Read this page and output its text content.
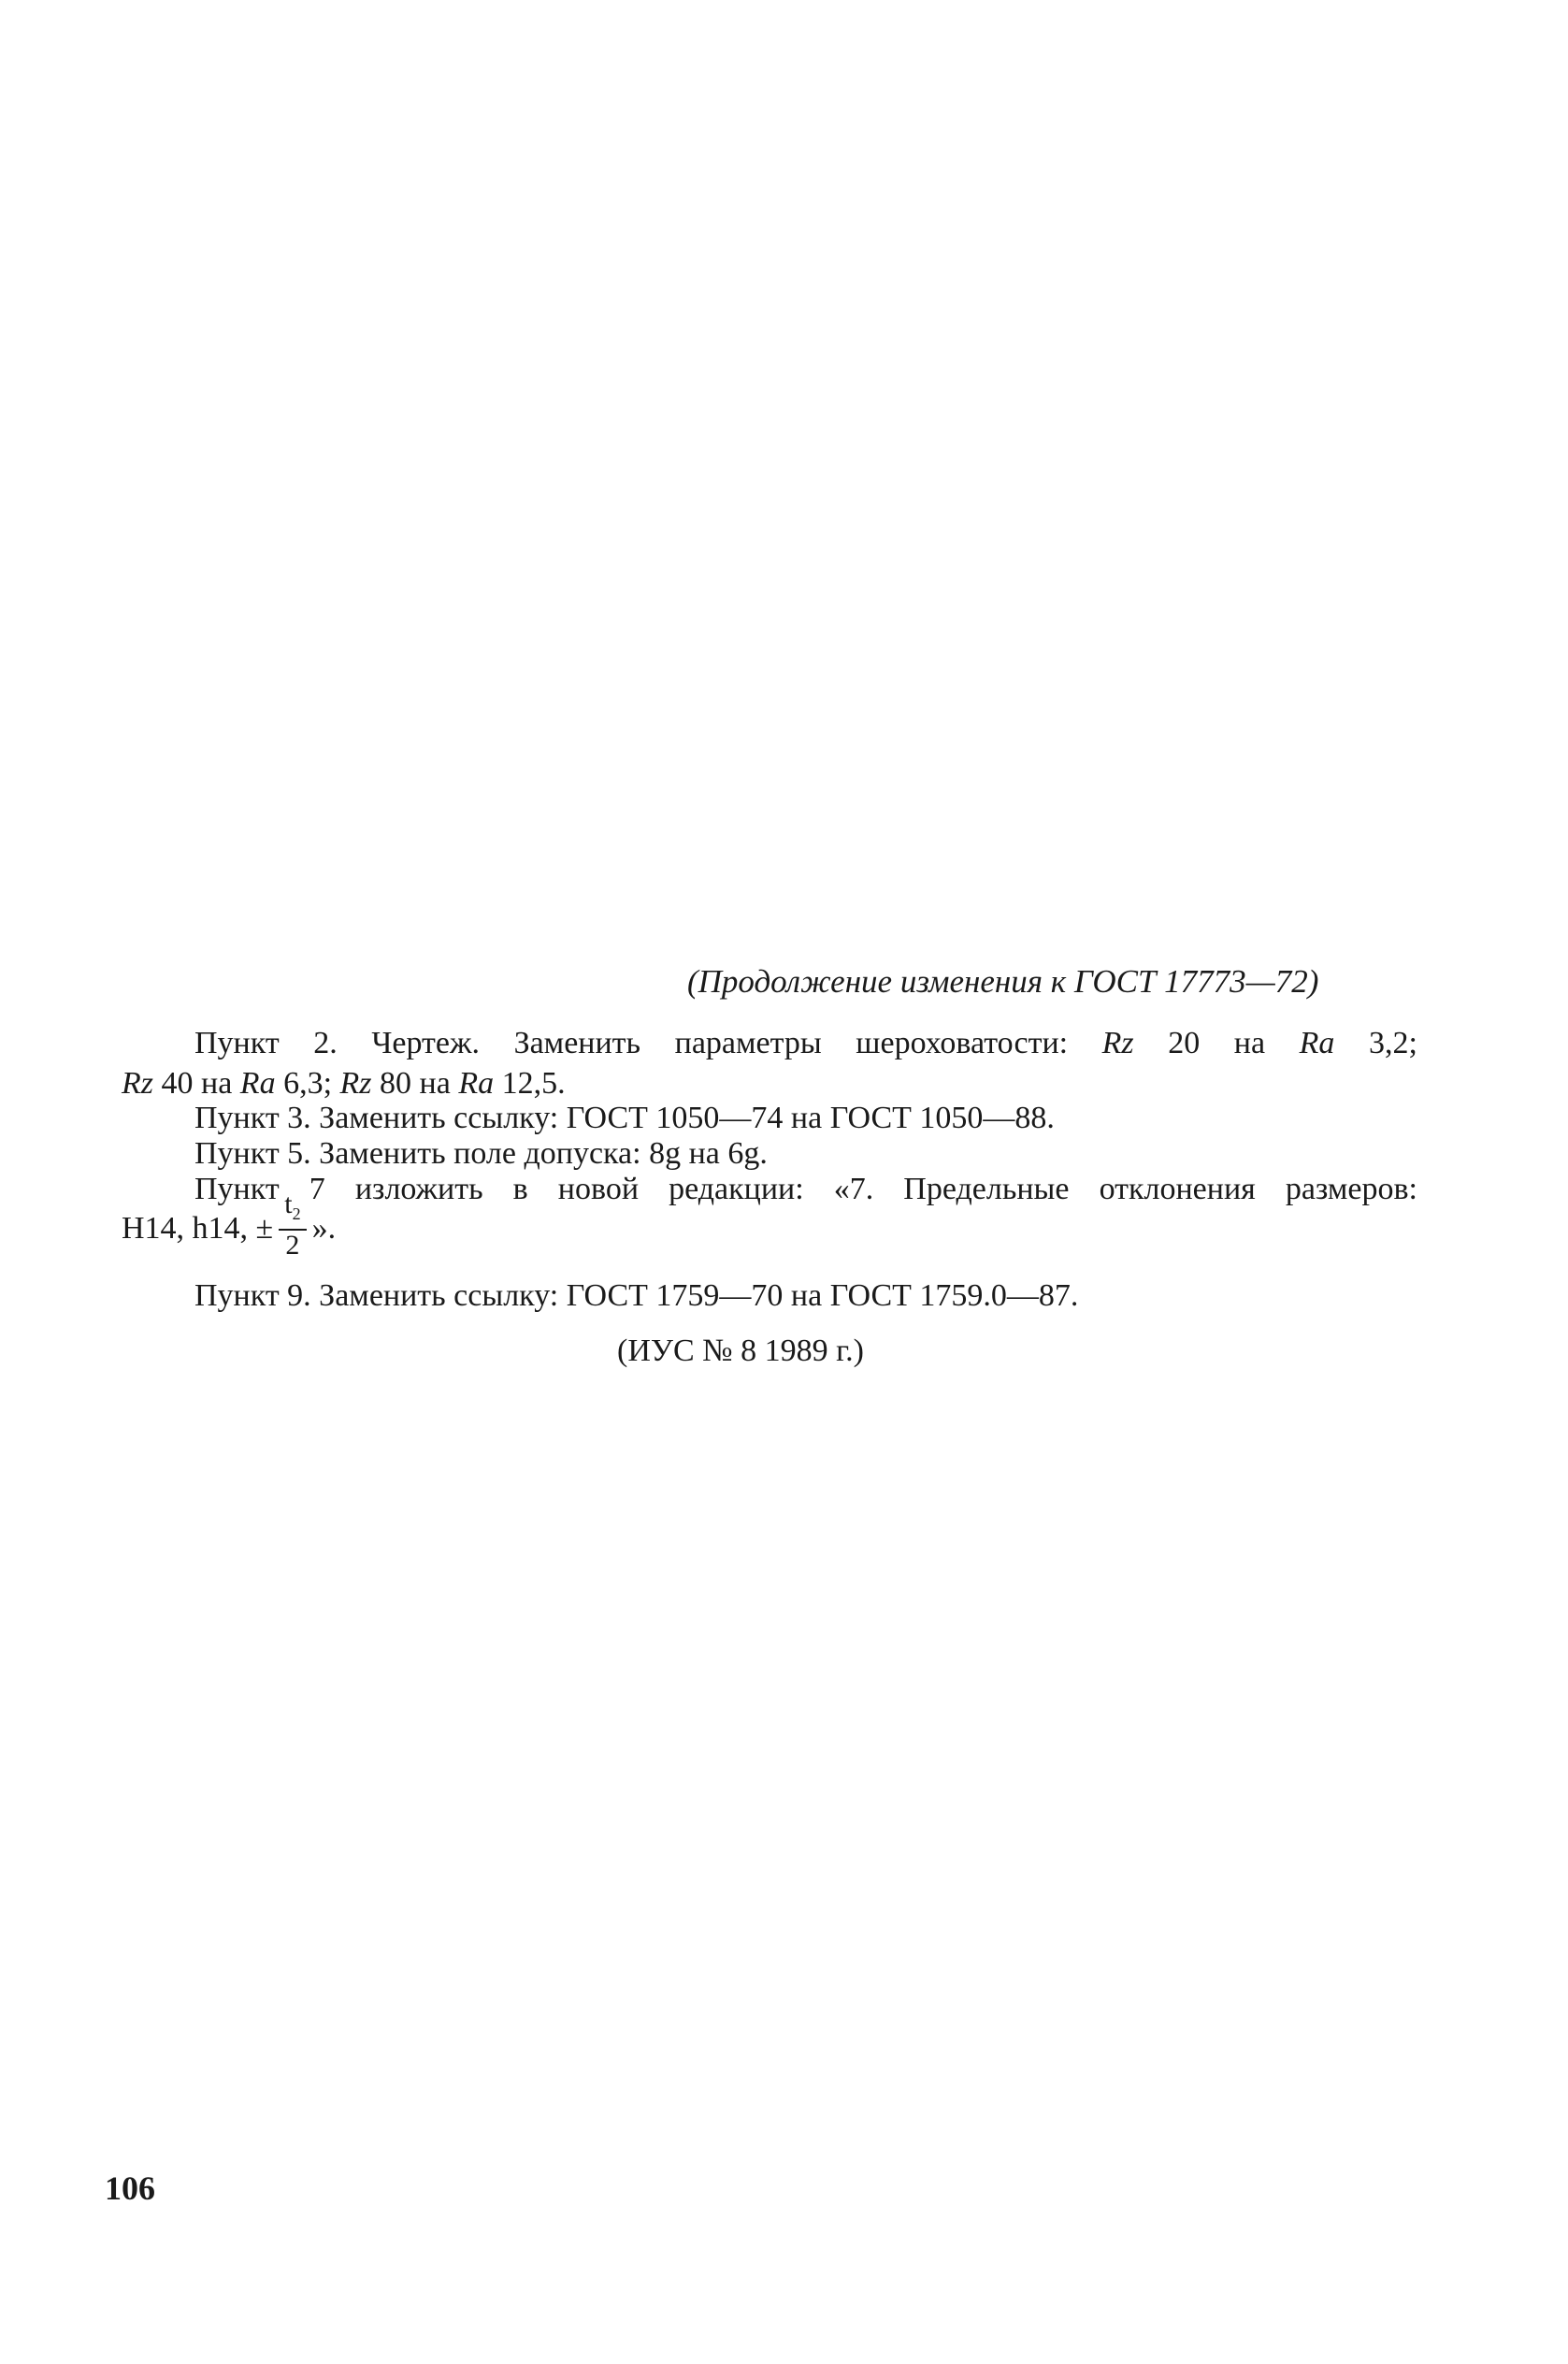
(Продолжение изменения к ГОСТ 17773—72)
Пункт 2. Чертеж. Заменить параметры шероховатости: Rz 20 на Ra 3,2;
Rz 40 на Ra 6,3; Rz 80 на Ra 12,5.
Пункт 3. Заменить ссылку: ГОСТ 1050—74 на ГОСТ 1050—88.
Пункт 5. Заменить поле допуска: 8g на 6g.
Пункт 7 изложить в новой редакции: «7. Предельные отклонения размеров:
H14, h14, ± $\frac{t_2}{2}$ ».
Пункт 9. Заменить ссылку: ГОСТ 1759—70 на ГОСТ 1759.0—87.
(ИУС № 8 1989 г.)
106
